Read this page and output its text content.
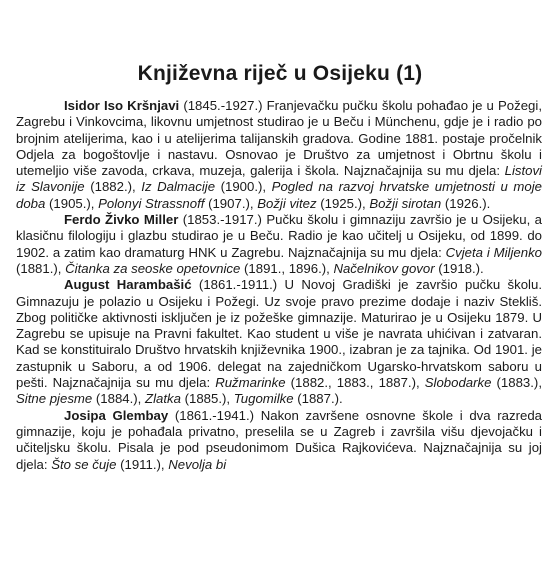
Književna riječ u Osijeku (1)

Isidor Iso Kršnjavi (1845.-1927.) Franjevačku pučku školu pohađao je u Požegi, Zagrebu i Vinkovcima, likovnu umjetnost studirao je u Beču i Münchenu, gdje je i radio po brojnim atelijerima, kao i u atelijerima talijanskih gradova. Godine 1881. postaje pročelnik Odjela za bogoštovlje i nastavu. Osnovao je Društvo za umjetnost i Obrtnu školu i utemeljio više zavoda, crkava, muzeja, galerija i škola. Najznačajnija su mu djela: Listovi iz Slavonije (1882.), Iz Dalmacije (1900.), Pogled na razvoj hrvatske umjetnosti u moje doba (1905.), Polonyi Strassnoff (1907.), Božji vitez (1925.), Božji sirotan (1926.).

Ferdo Živko Miller (1853.-1917.) Pučku školu i gimnaziju završio je u Osijeku, a klasičnu filologiju i glazbu studirao je u Beču. Radio je kao učitelj u Osijeku, od 1899. do 1902. a zatim kao dramaturg HNK u Zagrebu. Najznačajnija su mu djela: Cvjeta i Miljenko (1881.), Čitanka za seoske opetovnice (1891., 1896.), Načelnikov govor (1918.).

August Harambašić (1861.-1911.) U Novoj Gradiški je završio pučku školu. Gimnazuju je polazio u Osijeku i Požegi. Uz svoje pravo prezime dodaje i naziv Stekliš. Zbog političke aktivnosti isključen je iz požeške gimnazije. Maturirao je u Osijeku 1879. U Zagrebu se upisuje na Pravni fakultet. Kao student u više je navrata uhićivan i zatvaran. Kad se konstituiralo Društvo hrvatskih književnika 1900., izabran je za tajnika. Od 1901. je zastupnik u Saboru, a od 1906. delegat na zajedničkom Ugarsko-hrvatskom saboru u pešti. Najznačajnija su mu djela: Ružmarinke (1882., 1883., 1887.), Slobodarke (1883.), Sitne pjesme (1884.), Zlatka (1885.), Tugomilke (1887.).

Josipa Glembay (1861.-1941.) Nakon završene osnovne škole i dva razreda gimnazije, koju je pohađala privatno, preselila se u Zagreb i završila višu djevojačku i učiteljsku školu. Pisala je pod pseudonimom Dušica Rajkovićeva. Najznačajnija su joj djela: Što se čuje (1911.), Nevolja bi
